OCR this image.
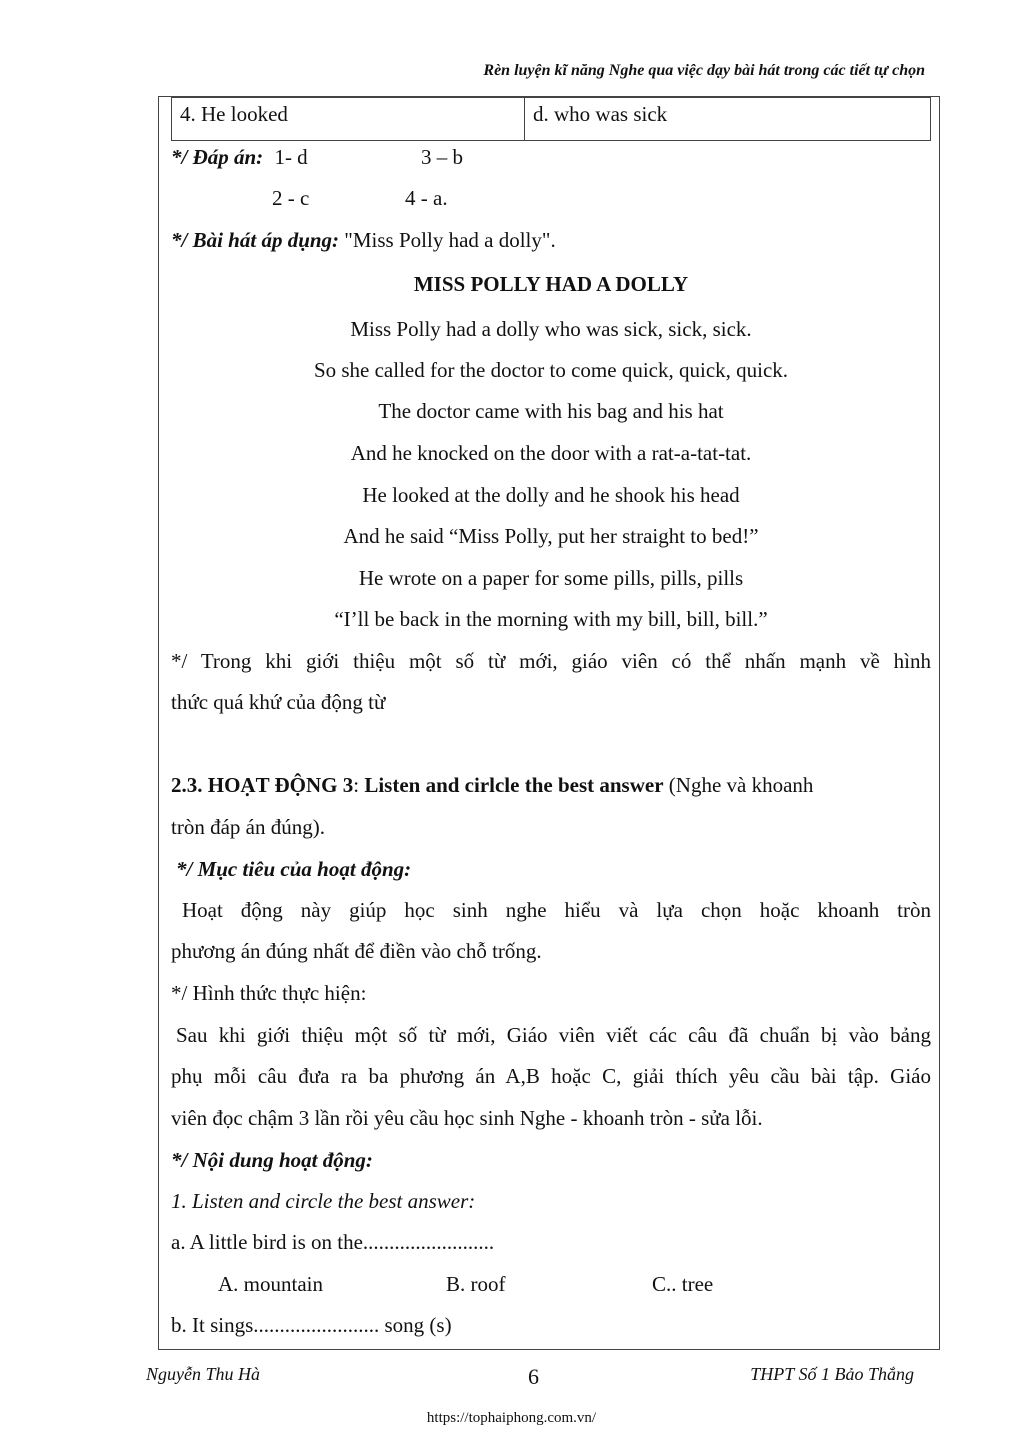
Rèn luyện kĩ năng Nghe qua việc dạy bài hát trong các tiết tự chọn
4. He looked	d. who was sick
*/ Đáp án: 1- d	3 – b
2 - c	4 - a.
*/ Bài hát áp dụng: "Miss Polly had a dolly".
MISS POLLY HAD A DOLLY
Miss Polly had a dolly who was sick, sick, sick.
So she called for the doctor to come quick, quick, quick.
The doctor came with his bag and his hat
And he knocked on the door with a rat-a-tat-tat.
He looked at the dolly and he shook his head
And he said “Miss Polly, put her straight to bed!”
He wrote on a paper for some pills, pills, pills
“I’ll be back in the morning with my bill, bill, bill.”
*/ Trong khi giới thiệu một số từ mới, giáo viên có thể nhấn mạnh về hình
thức quá khứ của động từ
2.3. HOẠT ĐỘNG 3: Listen and cirlcle the best answer (Nghe và khoanh
tròn đáp án đúng).
*/ Mục tiêu của hoạt động:
Hoạt động này giúp học sinh nghe hiểu và lựa chọn hoặc khoanh tròn
phương án đúng nhất để điền vào chỗ trống.
*/ Hình thức thực hiện:
Sau khi giới thiệu một số từ mới, Giáo viên viết các câu đã chuẩn bị vào bảng
phụ mỗi câu đưa ra ba phương án A,B hoặc C, giải thích yêu cầu bài tập. Giáo
viên đọc chậm 3 lần rồi yêu cầu học sinh Nghe - khoanh tròn - sửa lỗi.
*/ Nội dung hoạt động:
1. Listen and circle the best answer:
a. A little bird is on the.........................
A. mountain	B. roof	C.. tree
b. It sings........................ song (s)
Nguyễn Thu Hà	6	THPT Số 1 Bảo Thắng
https://tophaiphong.com.vn/
